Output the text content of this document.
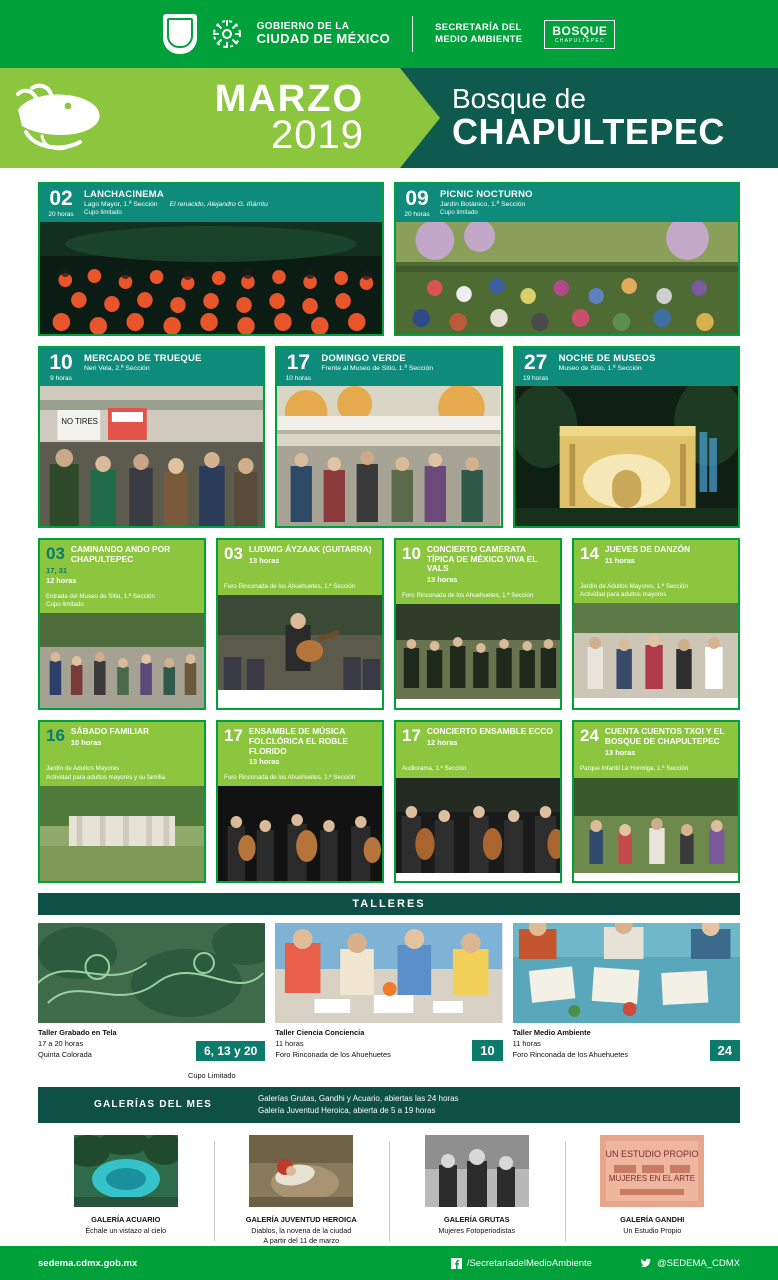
GOBIERNO DE LA
CIUDAD DE MÉXICO
SECRETARÍA DEL
MEDIO AMBIENTE
BOSQUE
CHAPULTEPEC
MARZO
2019
Bosque de
CHAPULTEPEC
02
20 horas
LANCHACINEMA
Lago Mayor, 1.ª Sección El renacido, Alejandro G. Iñárritu
Cupo limitado
09
20 horas
PICNIC NOCTURNO
Jardín Botánico, 1.ª Sección
Cupo limitado
10
9 horas
MERCADO DE TRUEQUE
Neri Vela, 2.ª Sección
NO TIRES
17
10 horas
DOMINGO VERDE
Frente al Museo de Sitio, 1.ª Sección	27
19 horas
NOCHE DE MUSEOS
Museo de Sitio, 1.ª Sección
03 CAMINANDO ANDO POR CHAPULTEPEC
17, 31
12 horas
Entrada del Museo de Sitio, 1.ª Sección
Cupo limitado
03 LUDWIG ÁYZAAK (GUITARRA)
13 horas
Foro Rinconada de los Ahuehuetes, 1.ª Sección
10 CONCIERTO CAMERATA TÍPICA DE MÉXICO VIVA EL VALS
13 horas
Foro Rinconada de los Ahuehuetes, 1.ª Sección
14 JUEVES DE DANZÓN
11 horas
Jardín de Adultos Mayores, 1.ª Sección
Actividad para adultos mayores
16 SÁBADO FAMILIAR
10 horas
Jardín de Adultos Mayores
Actividad para adultos mayores y su familia
17 ENSAMBLE DE MÚSICA FOLCLÓRICA EL ROBLE FLORIDO
13 horas
Foro Rinconada de los Ahuehuetes, 1.ª Sección
17 CONCIERTO ENSAMBLE ECCO
12 horas
Audiorama, 1.ª Sección
24 CUENTA CUENTOS TXOI Y EL BOSQUE DE CHAPULTEPEC
13 horas
Parque Infantil La Hormiga, 1.ª Sección
TALLERES
6, 13 y 20
Cupo Limitado
Taller Grabado en Tela
17 a 20 horas
Quinta Colorada	10
Taller Ciencia Conciencia
11 horas
Foro Rinconada de los Ahuehuetes	24
Taller Medio Ambiente
11 horas
Foro Rinconada de los Ahuehuetes
GALERÍAS DEL MES
Galerías Grutas, Gandhi y Acuario, abiertas las 24 horas
Galería Juventud Heroica, abierta de 5 a 19 horas
GALERÍA ACUARIO
Échale un vistazo al cielo
GALERÍA JUVENTUD HEROICA
Diablos, la novena de la ciudad
A partir del 11 de marzo
GALERÍA GRUTAS
Mujeres Fotoperiodistas
UN ESTUDIO PROPIO
MUJERES EN EL ARTE
GALERÍA GANDHI
Un Estudio Propio
sedema.cdmx.gob.mx	/SecretaríadelMedioAmbiente	@SEDEMA_CDMX
